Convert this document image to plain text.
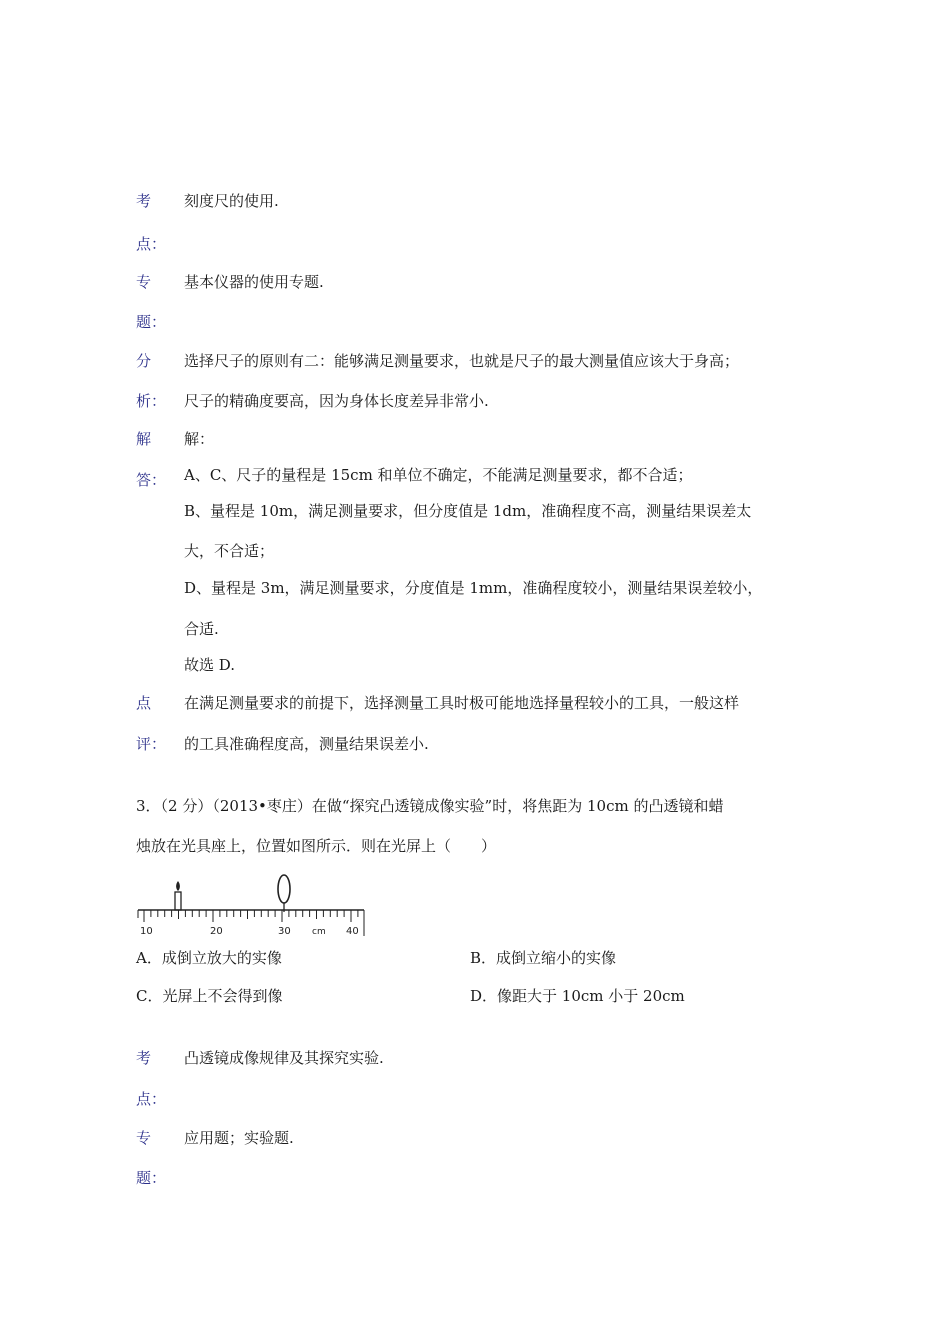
考 刻度尺的使用.
点：
专 基本仪器的使用专题.
题：
分 选择尺子的原则有二：能够满足测量要求，也就是尺子的最大测量值应该大于身高；
析： 尺子的精确度要高，因为身体长度差异非常小.
解 解：
答： A、C、尺子的量程是 15cm 和单位不确定，不能满足测量要求，都不合适；
B、量程是 10m，满足测量要求，但分度值是 1dm，准确程度不高，测量结果误差太
大，不合适；
D、量程是 3m，满足测量要求，分度值是 1mm，准确程度较小，测量结果误差较小，
合适.
故选 D.
点 在满足测量要求的前提下，选择测量工具时极可能地选择量程较小的工具，一般这样
评： 的工具准确程度高，测量结果误差小.
3．（2 分）（2013•枣庄）在做“探究凸透镜成像实验”时，将焦距为 10cm 的凸透镜和蜡
烛放在光具座上，位置如图所示．则在光屏上（　　）
10	20	30 cm 40
A．成倒立放大的实像	B．成倒立缩小的实像
C．光屏上不会得到像	D．像距大于 10cm 小于 20cm
考 凸透镜成像规律及其探究实验.
点：
专 应用题；实验题.
题：
